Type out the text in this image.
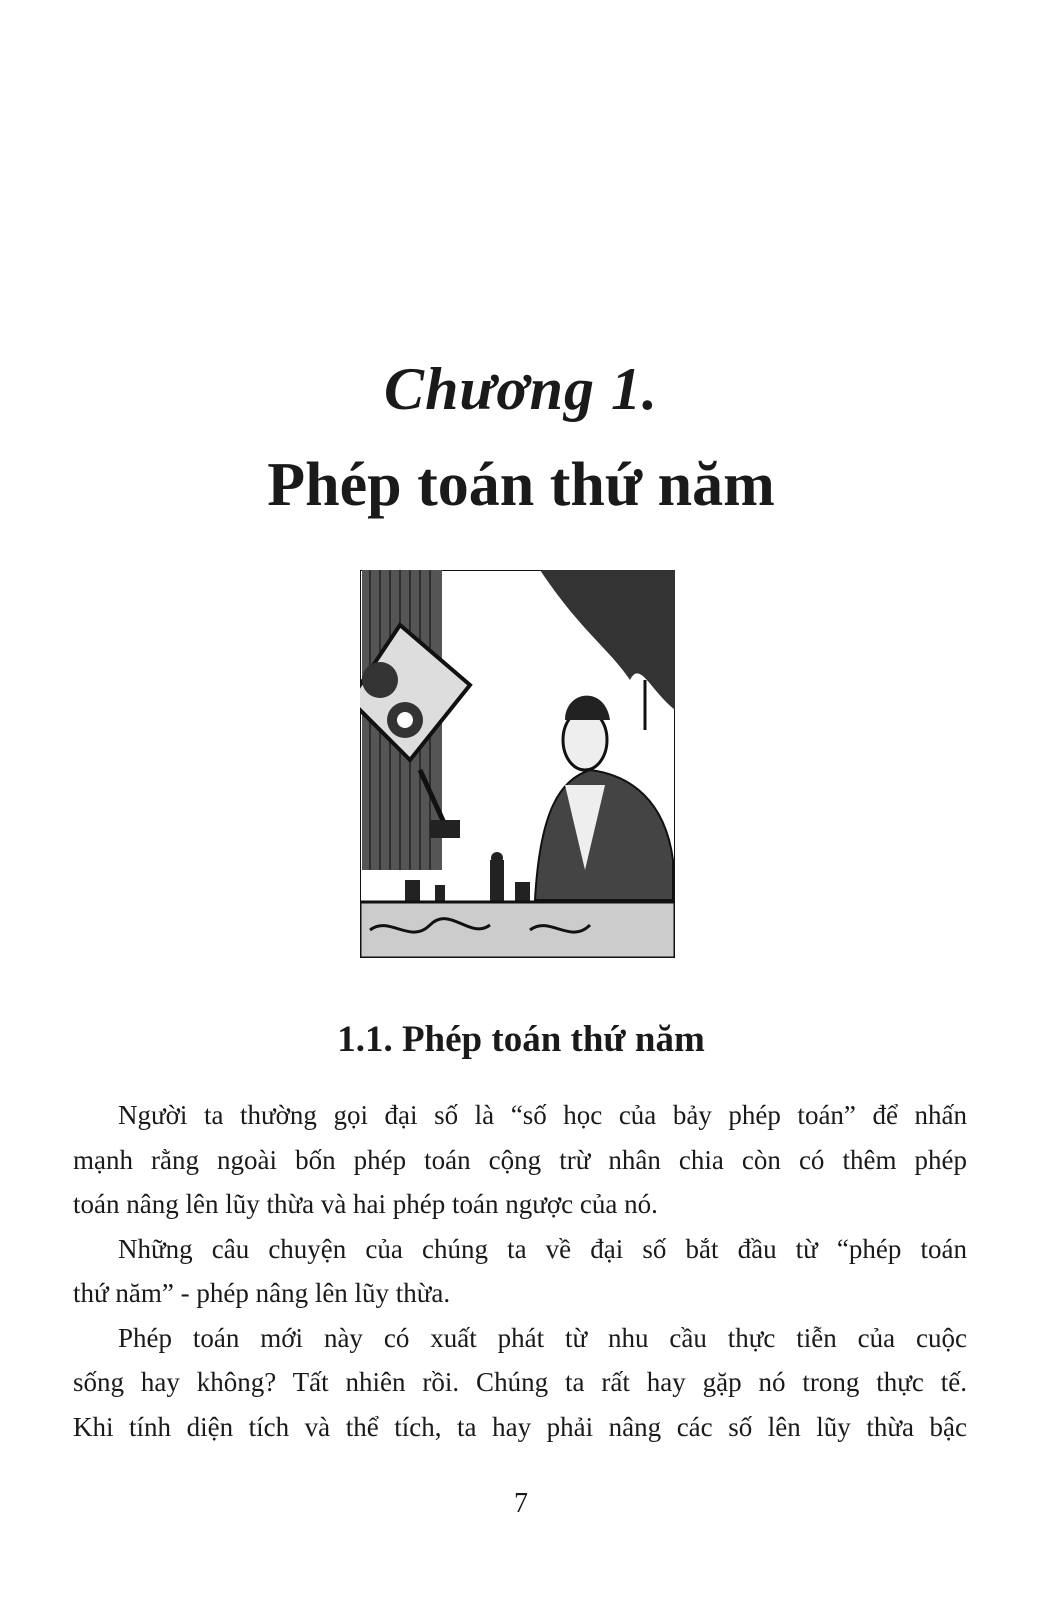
Chương 1.
Phép toán thứ năm
1.1. Phép toán thứ năm
Người ta thường gọi đại số là “số học của bảy phép toán” để nhấn
mạnh rằng ngoài bốn phép toán cộng trừ nhân chia còn có thêm phép
toán nâng lên lũy thừa và hai phép toán ngược của nó.
Những câu chuyện của chúng ta về đại số bắt đầu từ “phép toán
thứ năm” - phép nâng lên lũy thừa.
Phép toán mới này có xuất phát từ nhu cầu thực tiễn của cuộc
sống hay không? Tất nhiên rồi. Chúng ta rất hay gặp nó trong thực tế.
Khi tính diện tích và thể tích, ta hay phải nâng các số lên lũy thừa bậc
7
